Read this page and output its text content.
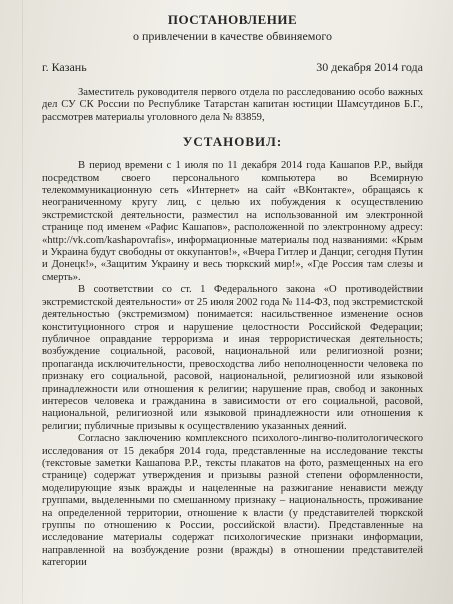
ПОСТАНОВЛЕНИЕ
о привлечении в качестве обвиняемого
г. Казань	30 декабря 2014 года

Заместитель руководителя первого отдела по расследованию особо важных дел СУ СК России по Республике Татарстан капитан юстиции Шамсутдинов Б.Г., рассмотрев материалы уголовного дела № 83859,

УСТАНОВИЛ:

В период времени с 1 июля по 11 декабря 2014 года Кашапов Р.Р., выйдя посредством своего персонального компьютера во Всемирную телекоммуникационную сеть «Интернет» на сайт «ВКонтакте», обращаясь к неограниченному кругу лиц, с целью их побуждения к осуществлению экстремистской деятельности, разместил на использованной им электронной странице под именем «Рафис Кашапов», расположенной по электронному адресу: «http://vk.com/kashapovrafis», информационные материалы под названиями: «Крым и Украина будут свободны от оккупантов!», «Вчера Гитлер и Данциг, сегодня Путин и Донецк!», «Защитим Украину и весь тюркский мир!», «Где Россия там слезы и смерть».

В соответствии со ст. 1 Федерального закона «О противодействии экстремистской деятельности» от 25 июля 2002 года № 114-ФЗ, под экстремистской деятельностью (экстремизмом) понимается: насильственное изменение основ конституционного строя и нарушение целостности Российской Федерации; публичное оправдание терроризма и иная террористическая деятельность; возбуждение социальной, расовой, национальной или религиозной розни; пропаганда исключительности, превосходства либо неполноценности человека по признаку его социальной, расовой, национальной, религиозной или языковой принадлежности или отношения к религии; нарушение прав, свобод и законных интересов человека и гражданина в зависимости от его социальной, расовой, национальной, религиозной или языковой принадлежности или отношения к религии; публичные призывы к осуществлению указанных деяний.

Согласно заключению комплексного психолого-лингво-политологического исследования от 15 декабря 2014 года, представленные на исследование тексты (текстовые заметки Кашапова Р.Р., тексты плакатов на фото, размещенных на его странице) содержат утверждения и призывы разной степени оформленности, моделирующие язык вражды и нацеленные на разжигание ненависти между группами, выделенными по смешанному признаку – национальность, проживание на определенной территории, отношение к власти (у представителей тюркской группы по отношению к России, российской власти). Представленные на исследование материалы содержат психологические признаки информации, направленной на возбуждение розни (вражды) в отношении представителей категории
